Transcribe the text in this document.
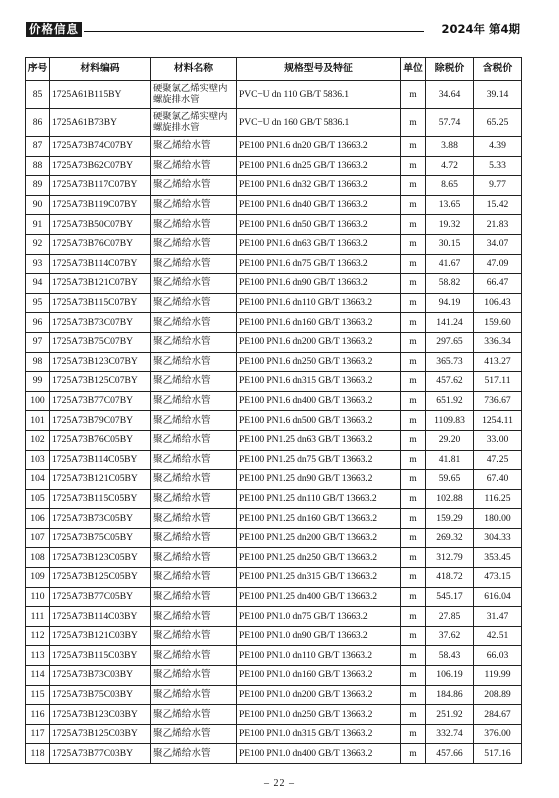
价格信息	2024年 第4期
序号	材料编码	材料名称	规格型号及特征	单位	除税价	含税价
85	1725A61B115BY	硬聚氯乙烯实壁内螺旋排水管	PVC−U dn 110 GB/T 5836.1	m	34.64	39.14
86	1725A61B73BY	硬聚氯乙烯实壁内螺旋排水管	PVC−U dn 160 GB/T 5836.1	m	57.74	65.25
87	1725A73B74C07BY	聚乙烯给水管	PE100 PN1.6 dn20 GB/T 13663.2	m	3.88	4.39
88	1725A73B62C07BY	聚乙烯给水管	PE100 PN1.6 dn25 GB/T 13663.2	m	4.72	5.33
89	1725A73B117C07BY	聚乙烯给水管	PE100 PN1.6 dn32 GB/T 13663.2	m	8.65	9.77
90	1725A73B119C07BY	聚乙烯给水管	PE100 PN1.6 dn40 GB/T 13663.2	m	13.65	15.42
91	1725A73B50C07BY	聚乙烯给水管	PE100 PN1.6 dn50 GB/T 13663.2	m	19.32	21.83
92	1725A73B76C07BY	聚乙烯给水管	PE100 PN1.6 dn63 GB/T 13663.2	m	30.15	34.07
93	1725A73B114C07BY	聚乙烯给水管	PE100 PN1.6 dn75 GB/T 13663.2	m	41.67	47.09
94	1725A73B121C07BY	聚乙烯给水管	PE100 PN1.6 dn90 GB/T 13663.2	m	58.82	66.47
95	1725A73B115C07BY	聚乙烯给水管	PE100 PN1.6 dn110 GB/T 13663.2	m	94.19	106.43
96	1725A73B73C07BY	聚乙烯给水管	PE100 PN1.6 dn160 GB/T 13663.2	m	141.24	159.60
97	1725A73B75C07BY	聚乙烯给水管	PE100 PN1.6 dn200 GB/T 13663.2	m	297.65	336.34
98	1725A73B123C07BY	聚乙烯给水管	PE100 PN1.6 dn250 GB/T 13663.2	m	365.73	413.27
99	1725A73B125C07BY	聚乙烯给水管	PE100 PN1.6 dn315 GB/T 13663.2	m	457.62	517.11
100	1725A73B77C07BY	聚乙烯给水管	PE100 PN1.6 dn400 GB/T 13663.2	m	651.92	736.67
101	1725A73B79C07BY	聚乙烯给水管	PE100 PN1.6 dn500 GB/T 13663.2	m	1109.83	1254.11
102	1725A73B76C05BY	聚乙烯给水管	PE100 PN1.25 dn63 GB/T 13663.2	m	29.20	33.00
103	1725A73B114C05BY	聚乙烯给水管	PE100 PN1.25 dn75 GB/T 13663.2	m	41.81	47.25
104	1725A73B121C05BY	聚乙烯给水管	PE100 PN1.25 dn90 GB/T 13663.2	m	59.65	67.40
105	1725A73B115C05BY	聚乙烯给水管	PE100 PN1.25 dn110 GB/T 13663.2	m	102.88	116.25
106	1725A73B73C05BY	聚乙烯给水管	PE100 PN1.25 dn160 GB/T 13663.2	m	159.29	180.00
107	1725A73B75C05BY	聚乙烯给水管	PE100 PN1.25 dn200 GB/T 13663.2	m	269.32	304.33
108	1725A73B123C05BY	聚乙烯给水管	PE100 PN1.25 dn250 GB/T 13663.2	m	312.79	353.45
109	1725A73B125C05BY	聚乙烯给水管	PE100 PN1.25 dn315 GB/T 13663.2	m	418.72	473.15
110	1725A73B77C05BY	聚乙烯给水管	PE100 PN1.25 dn400 GB/T 13663.2	m	545.17	616.04
111	1725A73B114C03BY	聚乙烯给水管	PE100 PN1.0 dn75 GB/T 13663.2	m	27.85	31.47
112	1725A73B121C03BY	聚乙烯给水管	PE100 PN1.0 dn90 GB/T 13663.2	m	37.62	42.51
113	1725A73B115C03BY	聚乙烯给水管	PE100 PN1.0 dn110 GB/T 13663.2	m	58.43	66.03
114	1725A73B73C03BY	聚乙烯给水管	PE100 PN1.0 dn160 GB/T 13663.2	m	106.19	119.99
115	1725A73B75C03BY	聚乙烯给水管	PE100 PN1.0 dn200 GB/T 13663.2	m	184.86	208.89
116	1725A73B123C03BY	聚乙烯给水管	PE100 PN1.0 dn250 GB/T 13663.2	m	251.92	284.67
117	1725A73B125C03BY	聚乙烯给水管	PE100 PN1.0 dn315 GB/T 13663.2	m	332.74	376.00
118	1725A73B77C03BY	聚乙烯给水管	PE100 PN1.0 dn400 GB/T 13663.2	m	457.66	517.16
– 22 –
